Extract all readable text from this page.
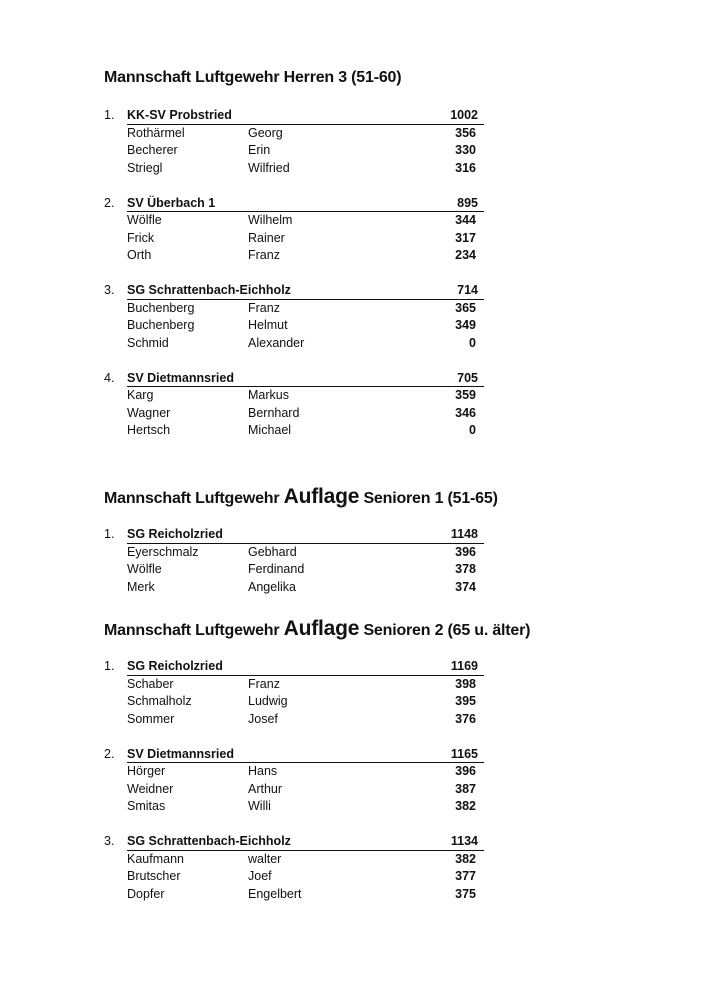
Mannschaft Luftgewehr Herren 3 (51-60)
1. KK-SV Probstried	1002
Rothärmel	Georg	356
Becherer	Erin	330
Striegl	Wilfried	316
2. SV Überbach 1	895
Wölfle	Wilhelm	344
Frick	Rainer	317
Orth	Franz	234
3. SG Schrattenbach-Eichholz	714
Buchenberg	Franz	365
Buchenberg	Helmut	349
Schmid	Alexander	0
4. SV Dietmannsried	705
Karg	Markus	359
Wagner	Bernhard	346
Hertsch	Michael	0
Mannschaft Luftgewehr Auflage Senioren 1 (51-65)
1. SG Reicholzried	1148
Eyerschmalz	Gebhard	396
Wölfle	Ferdinand	378
Merk	Angelika	374
Mannschaft Luftgewehr Auflage Senioren 2 (65 u. älter)
1. SG Reicholzried	1169
Schaber	Franz	398
Schmalholz	Ludwig	395
Sommer	Josef	376
2. SV Dietmannsried	1165
Hörger	Hans	396
Weidner	Arthur	387
Smitas	Willi	382
3. SG Schrattenbach-Eichholz	1134
Kaufmann	walter	382
Brutscher	Joef	377
Dopfer	Engelbert	375
